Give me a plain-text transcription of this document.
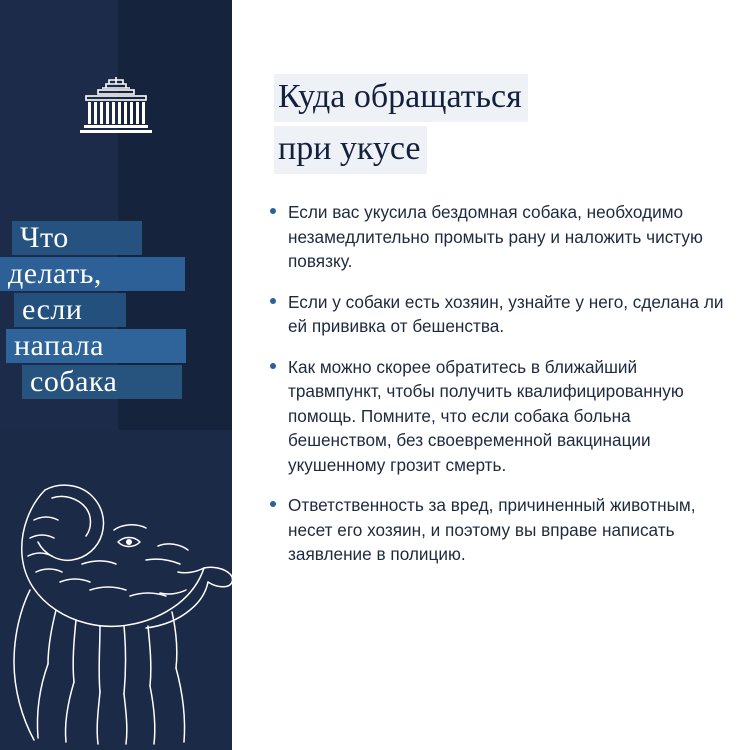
Что
делать,
если
напала
собака
Куда обращаться
при укусе

Если вас укусила бездомная собака, необходимо незамедлительно промыть рану и наложить чистую повязку.

Если у собаки есть хозяин, узнайте у него, сделана ли ей прививка от бешенства.

Как можно скорее обратитесь в ближайший травмпункт, чтобы получить квалифицированную помощь. Помните, что если собака больна бешенством, без своевременной вакцинации укушенному грозит смерть.

Ответственность за вред, причиненный животным, несет его хозяин, и поэтому вы вправе написать заявление в полицию.
